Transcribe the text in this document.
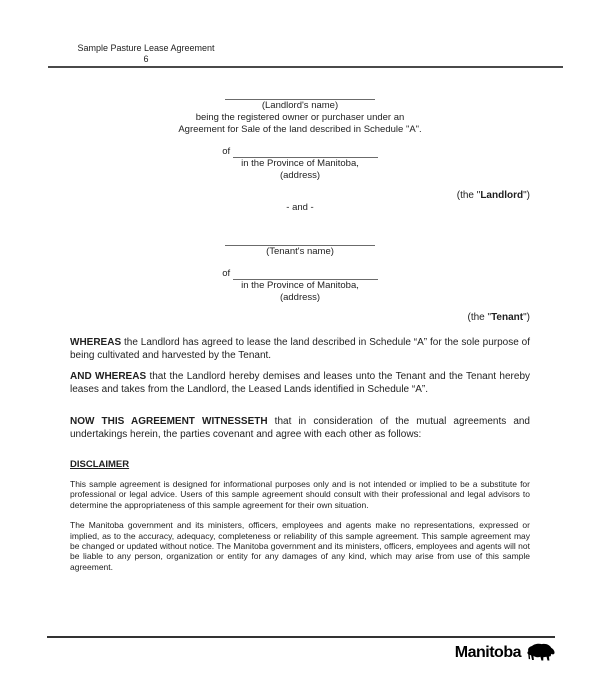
Sample Pasture Lease Agreement
6
(Landlord's name)
being the registered owner or purchaser under an
Agreement for Sale of the land described in Schedule "A".
of
in the Province of Manitoba,
(address)
(the "Landlord")
- and -
(Tenant's name)
of
in the Province of Manitoba,
(address)
(the "Tenant")

WHEREAS the Landlord has agreed to lease the land described in Schedule “A” for the sole purpose of being cultivated and harvested by the Tenant.

AND WHEREAS that the Landlord hereby demises and leases unto the Tenant and the Tenant hereby leases and takes from the Landlord, the Leased Lands identified in Schedule “A”.

NOW THIS AGREEMENT WITNESSETH that in consideration of the mutual agreements and undertakings herein, the parties covenant and agree with each other as follows:

DISCLAIMER

This sample agreement is designed for informational purposes only and is not intended or implied to be a substitute for professional or legal advice. Users of this sample agreement should consult with their professional and legal advisors to determine the appropriateness of this sample agreement for their own situation.

The Manitoba government and its ministers, officers, employees and agents make no representations, expressed or implied, as to the accuracy, adequacy, completeness or reliability of this sample agreement. This sample agreement may be changed or updated without notice. The Manitoba government and its ministers, officers, employees and agents will not be liable to any person, organization or entity for any damages of any kind, which may arise from use of this sample agreement.

Manitoba
